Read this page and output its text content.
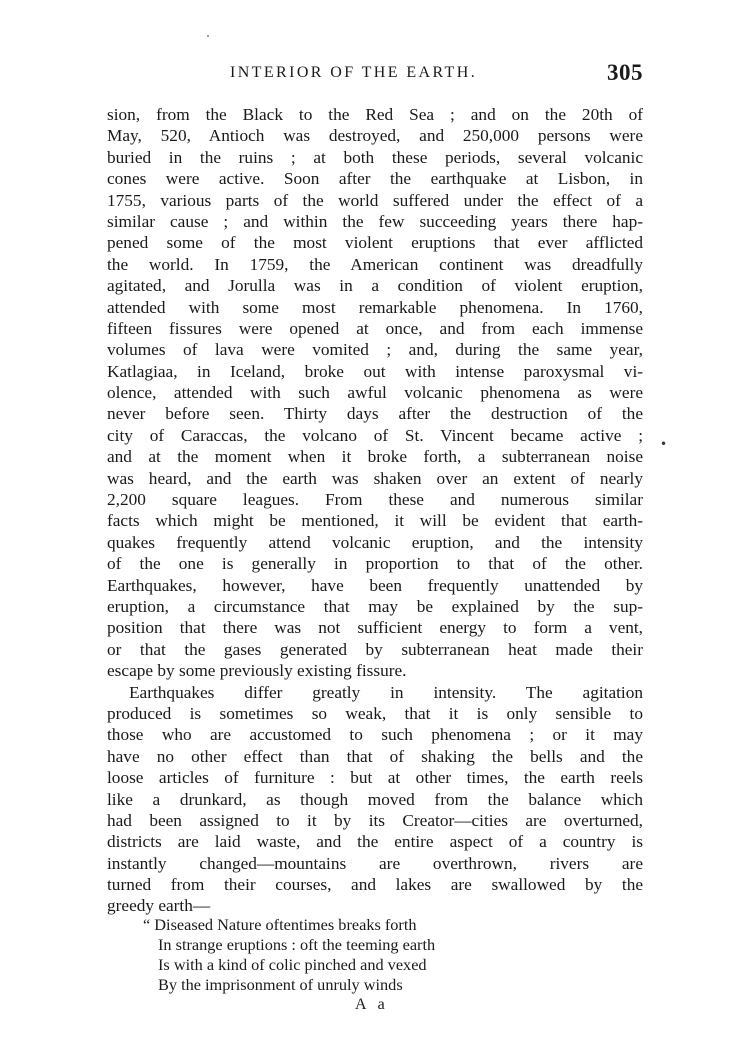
INTERIOR OF THE EARTH.	305
sion, from the Black to the Red Sea ; and on the 20th of
May, 520, Antioch was destroyed, and 250,000 persons were
buried in the ruins ; at both these periods, several volcanic
cones were active. Soon after the earthquake at Lisbon, in
1755, various parts of the world suffered under the effect of a
similar cause ; and within the few succeeding years there hap-
pened some of the most violent eruptions that ever afflicted
the world. In 1759, the American continent was dreadfully
agitated, and Jorulla was in a condition of violent eruption,
attended with some most remarkable phenomena. In 1760,
fifteen fissures were opened at once, and from each immense
volumes of lava were vomited ; and, during the same year,
Katlagiaa, in Iceland, broke out with intense paroxysmal vi-
olence, attended with such awful volcanic phenomena as were
never before seen. Thirty days after the destruction of the
city of Caraccas, the volcano of St. Vincent became active ;
and at the moment when it broke forth, a subterranean noise
was heard, and the earth was shaken over an extent of nearly
2,200 square leagues. From these and numerous similar
facts which might be mentioned, it will be evident that earth-
quakes frequently attend volcanic eruption, and the intensity
of the one is generally in proportion to that of the other.
Earthquakes, however, have been frequently unattended by
eruption, a circumstance that may be explained by the sup-
position that there was not sufficient energy to form a vent,
or that the gases generated by subterranean heat made their
escape by some previously existing fissure.
Earthquakes differ greatly in intensity. The agitation
produced is sometimes so weak, that it is only sensible to
those who are accustomed to such phenomena ; or it may
have no other effect than that of shaking the bells and the
loose articles of furniture : but at other times, the earth reels
like a drunkard, as though moved from the balance which
had been assigned to it by its Creator—cities are overturned,
districts are laid waste, and the entire aspect of a country is
instantly changed—mountains are overthrown, rivers are
turned from their courses, and lakes are swallowed by the
greedy earth—
•
“ Diseased Nature oftentimes breaks forth
In strange eruptions : oft the teeming earth
Is with a kind of colic pinched and vexed
By the imprisonment of unruly winds
A a
